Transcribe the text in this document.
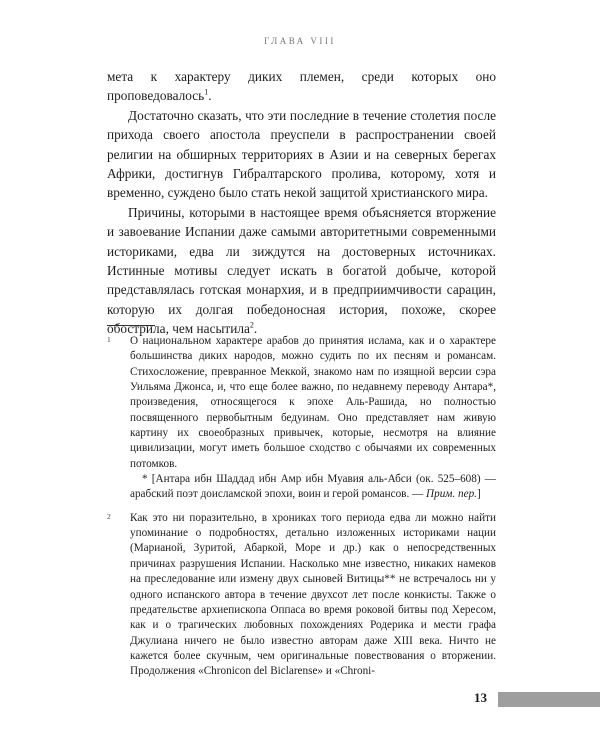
ГЛАВА VIII

мета к характеру диких племен, среди которых оно проповедовалось$^1$.

Достаточно сказать, что эти последние в течение столетия после прихода своего апостола преуспели в распространении своей религии на обширных территориях в Азии и на северных берегах Африки, достигнув Гибралтарского пролива, которому, хотя и временно, суждено было стать некой защитой христианского мира.

Причины, которыми в настоящее время объясняется вторжение и завоевание Испании даже самыми авторитетными современными историками, едва ли зиждутся на достоверных источниках. Истинные мотивы следует искать в богатой добыче, которой представлялась готская монархия, и в предприимчивости сарацин, которую их долгая победоносная история, похоже, скорее обострила, чем насытила$^2$.

1 О национальном характере арабов до принятия ислама, как и о характере большинства диких народов, можно судить по их песням и романсам. Стихосложение, превранное Меккой, знакомо нам по изящной версии сэра Уильяма Джонса, и, что еще более важно, по недавнему переводу Антара*, произведения, относящегося к эпохе Аль-Рашида, но полностью посвященного первобытным бедуинам. Оно представляет нам живую картину их своеобразных привычек, которые, несмотря на влияние цивилизации, могут иметь большое сходство с обычаями их современных потомков.

* [Антара ибн Шаддад ибн Амр ибн Муавия аль-Абси (ок. 525–608) — арабский поэт доисламской эпохи, воин и герой романсов. — Прим. пер.]

2 Как это ни поразительно, в хрониках того периода едва ли можно найти упоминание о подробностях, детально изложенных историками нации (Марианой, Зуритой, Абаркой, Море и др.) как о непосредственных причинах разрушения Испании. Насколько мне известно, никаких намеков на преследование или измену двух сыновей Витицы** не встречалось ни у одного испанского автора в течение двухсот лет после конкисты. Также о предательстве архиепископа Оппаса во время роковой битвы под Хересом, как и о трагических любовных похождениях Родерика и мести графа Джулиана ничего не было известно авторам даже XIII века. Ничто не кажется более скучным, чем оригинальные повествования о вторжении. Продолжения «Chronicon del Biclarense» и «Chroni-

13
